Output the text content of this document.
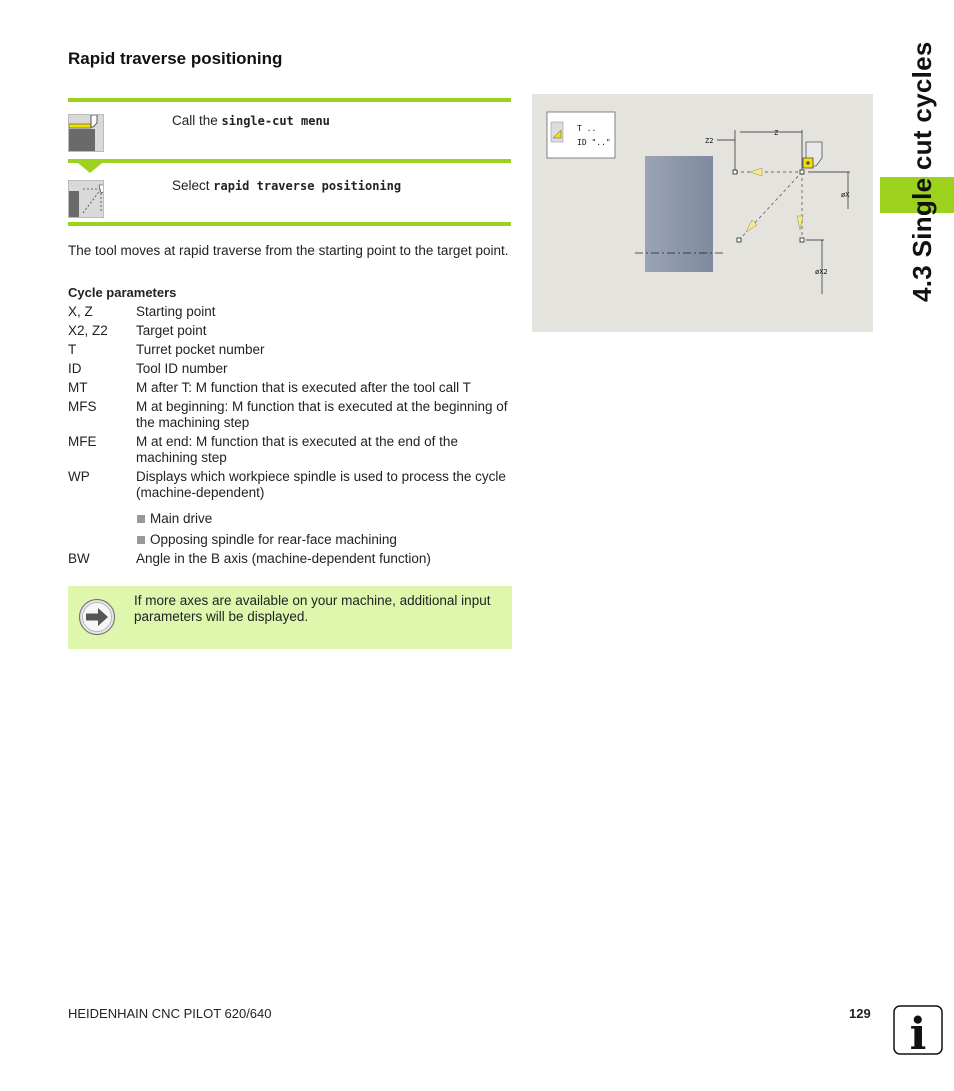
Rapid traverse positioning
Call the single-cut menu
Select rapid traverse positioning
The tool moves at rapid traverse from the starting point to the target point.
Cycle parameters
X, Z	Starting point
X2, Z2	Target point
T	Turret pocket number
ID	Tool ID number
MT	M after T: M function that is executed after the tool call T
MFS	M at beginning: M function that is executed at the beginning of the machining step
MFE	M at end: M function that is executed at the end of the machining step
WP	Displays which workpiece spindle is used to process the cycle (machine-dependent)
Main drive
Opposing spindle for rear-face machining
BW	Angle in the B axis (machine-dependent function)
If more axes are available on your machine, additional input parameters will be displayed.
T ..
ID ".."	Z2
Z
øX
øX2	4.3 Single cut cycles
HEIDENHAIN CNC PILOT 620/640	129 i
